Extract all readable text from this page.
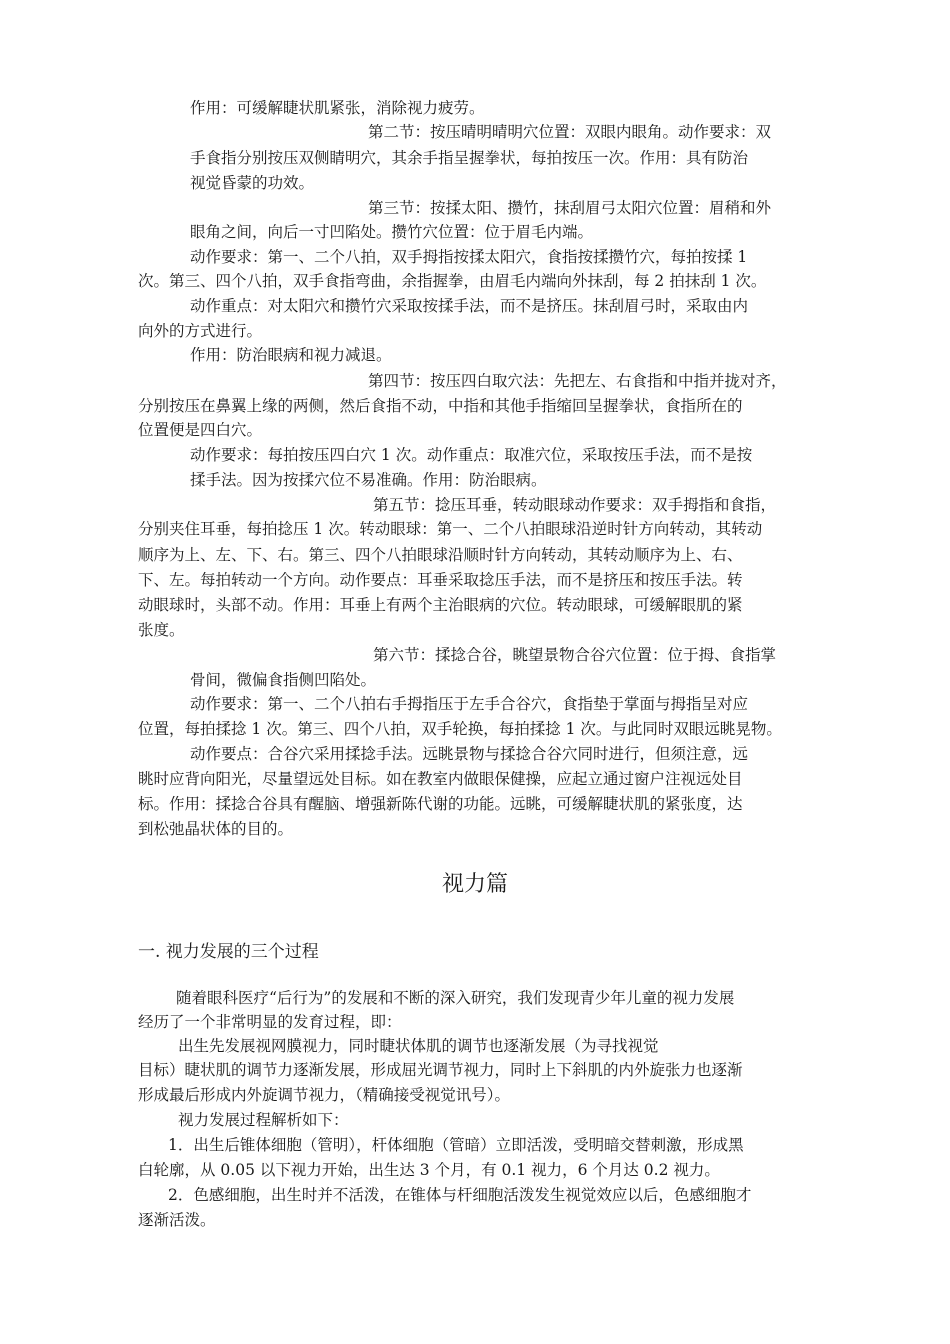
作用：可缓解睫状肌紧张，消除视力疲劳。
第二节：按压晴明晴明穴位置：双眼内眼角。动作要求：双
手食指分别按压双侧睛明穴，其余手指呈握拳状，每拍按压一次。作用：具有防治
视觉昏蒙的功效。
第三节：按揉太阳、攒竹，抹刮眉弓太阳穴位置：眉稍和外
眼角之间，向后一寸凹陷处。攒竹穴位置：位于眉毛内端。
动作要求：第一、二个八拍，双手拇指按揉太阳穴，食指按揉攒竹穴，每拍按揉 1
次。第三、四个八拍，双手食指弯曲，余指握拳，由眉毛内端向外抹刮，每 2 拍抹刮 1 次。
动作重点：对太阳穴和攒竹穴采取按揉手法，而不是挤压。抹刮眉弓时，采取由内
向外的方式进行。
作用：防治眼病和视力减退。
第四节：按压四白取穴法：先把左、右食指和中指并拢对齐，
分别按压在鼻翼上缘的两侧，然后食指不动，中指和其他手指缩回呈握拳状，食指所在的
位置便是四白穴。
动作要求：每拍按压四白穴 1 次。动作重点：取准穴位，采取按压手法，而不是按
揉手法。因为按揉穴位不易准确。作用：防治眼病。
第五节：捻压耳垂，转动眼球动作要求：双手拇指和食指，
分别夹住耳垂，每拍捻压 1 次。转动眼球：第一、二个八拍眼球沿逆时针方向转动，其转动
顺序为上、左、下、右。第三、四个八拍眼球沿顺时针方向转动，其转动顺序为上、右、
下、左。每拍转动一个方向。动作要点：耳垂采取捻压手法，而不是挤压和按压手法。转
动眼球时，头部不动。作用：耳垂上有两个主治眼病的穴位。转动眼球，可缓解眼肌的紧
张度。
第六节：揉捻合谷，眺望景物合谷穴位置：位于拇、食指掌
骨间，微偏食指侧凹陷处。
动作要求：第一、二个八拍右手拇指压于左手合谷穴，食指垫于掌面与拇指呈对应
位置，每拍揉捻 1 次。第三、四个八拍，双手轮换，每拍揉捻 1 次。与此同时双眼远眺晃物。
动作要点：合谷穴采用揉捻手法。远眺景物与揉捻合谷穴同时进行，但须注意，远
眺时应背向阳光，尽量望远处目标。如在教室内做眼保健操，应起立通过窗户注视远处目
标。作用：揉捻合谷具有醒脑、增强新陈代谢的功能。远眺，可缓解睫状肌的紧张度，达
到松弛晶状体的目的。
视力篇
一. 视力发展的三个过程
随着眼科医疗“后行为”的发展和不断的深入研究，我们发现青少年儿童的视力发展
经历了一个非常明显的发育过程，即：
出生先发展视网膜视力，同时睫状体肌的调节也逐渐发展（为寻找视觉
目标）睫状肌的调节力逐渐发展，形成屈光调节视力，同时上下斜肌的内外旋张力也逐渐
形成最后形成内外旋调节视力，（精确接受视觉讯号）。
视力发展过程解析如下：
1．出生后锥体细胞（管明），杆体细胞（管暗）立即活泼，受明暗交替刺激，形成黑
白轮廓，从 0.05 以下视力开始，出生达 3 个月，有 0.1 视力，6 个月达 0.2 视力。
2．色感细胞，出生时并不活泼，在锥体与杆细胞活泼发生视觉效应以后，色感细胞才
逐渐活泼。
